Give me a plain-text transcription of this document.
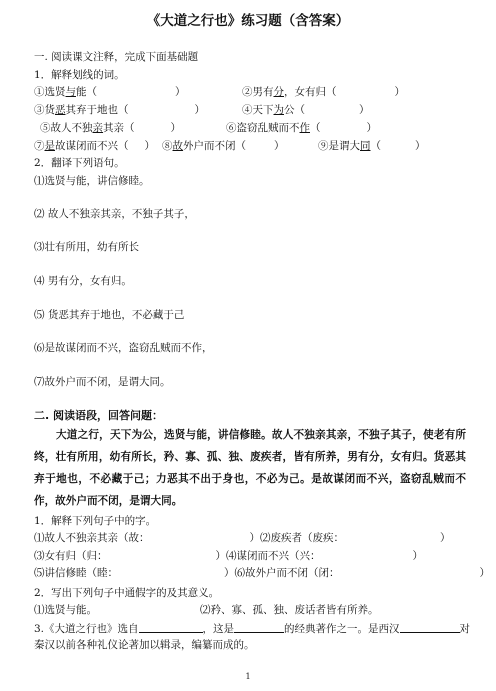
《大道之行也》练习题（含答案）
一. 阅读课文注释，完成下面基础题
1．解释划线的词。
①选贤与能（	）	②男有分，女有归（	）
③货恶其弃于地也（	）	④天下为公（	）
⑤故人不独亲其亲（	）	⑥盗窃乱贼而不作（	）
⑦是故谋闭而不兴（ ） ⑧故外户而不闭（	）	⑨是谓大同（	）
2．翻译下列语句。
⑴选贤与能，讲信修睦。
⑵ 故人不独亲其亲，不独子其子，
⑶壮有所用，幼有所长
⑷ 男有分，女有归。
⑸ 货恶其弃于地也，不必藏于己
⑹是故谋闭而不兴，盗窃乱贼而不作，
⑺故外户而不闭，是谓大同。
二. 阅读语段，回答问题：

大道之行，天下为公，选贤与能，讲信修睦。故人不独亲其亲，不独子其子，使老有所终，壮有所用，幼有所长，矜、寡、孤、独、废疾者，皆有所养，男有分，女有归。货恶其弃于地也，不必藏于己；力恶其不出于身也，不必为己。是故谋闭而不兴，盗窃乱贼而不作，故外户而不闭，是谓大同。

1．解释下列句子中的字。
⑴故人不独亲其亲（故：	）⑵废疾者（废疾：	）
⑶女有归（归：	）⑷谋闭而不兴（兴：	）
⑸讲信修睦（睦：	）⑹故外户而不闭（闭：	）
2．写出下列句子中通假字的及其意义。
⑴选贤与能。	⑵矜、寡、孤、独、废话者皆有所养。
3.《大道之行也》选自	，这是	的经典著作之一。是西汉	对
秦汉以前各种礼仪论著加以辑录，编纂而成的。
1
